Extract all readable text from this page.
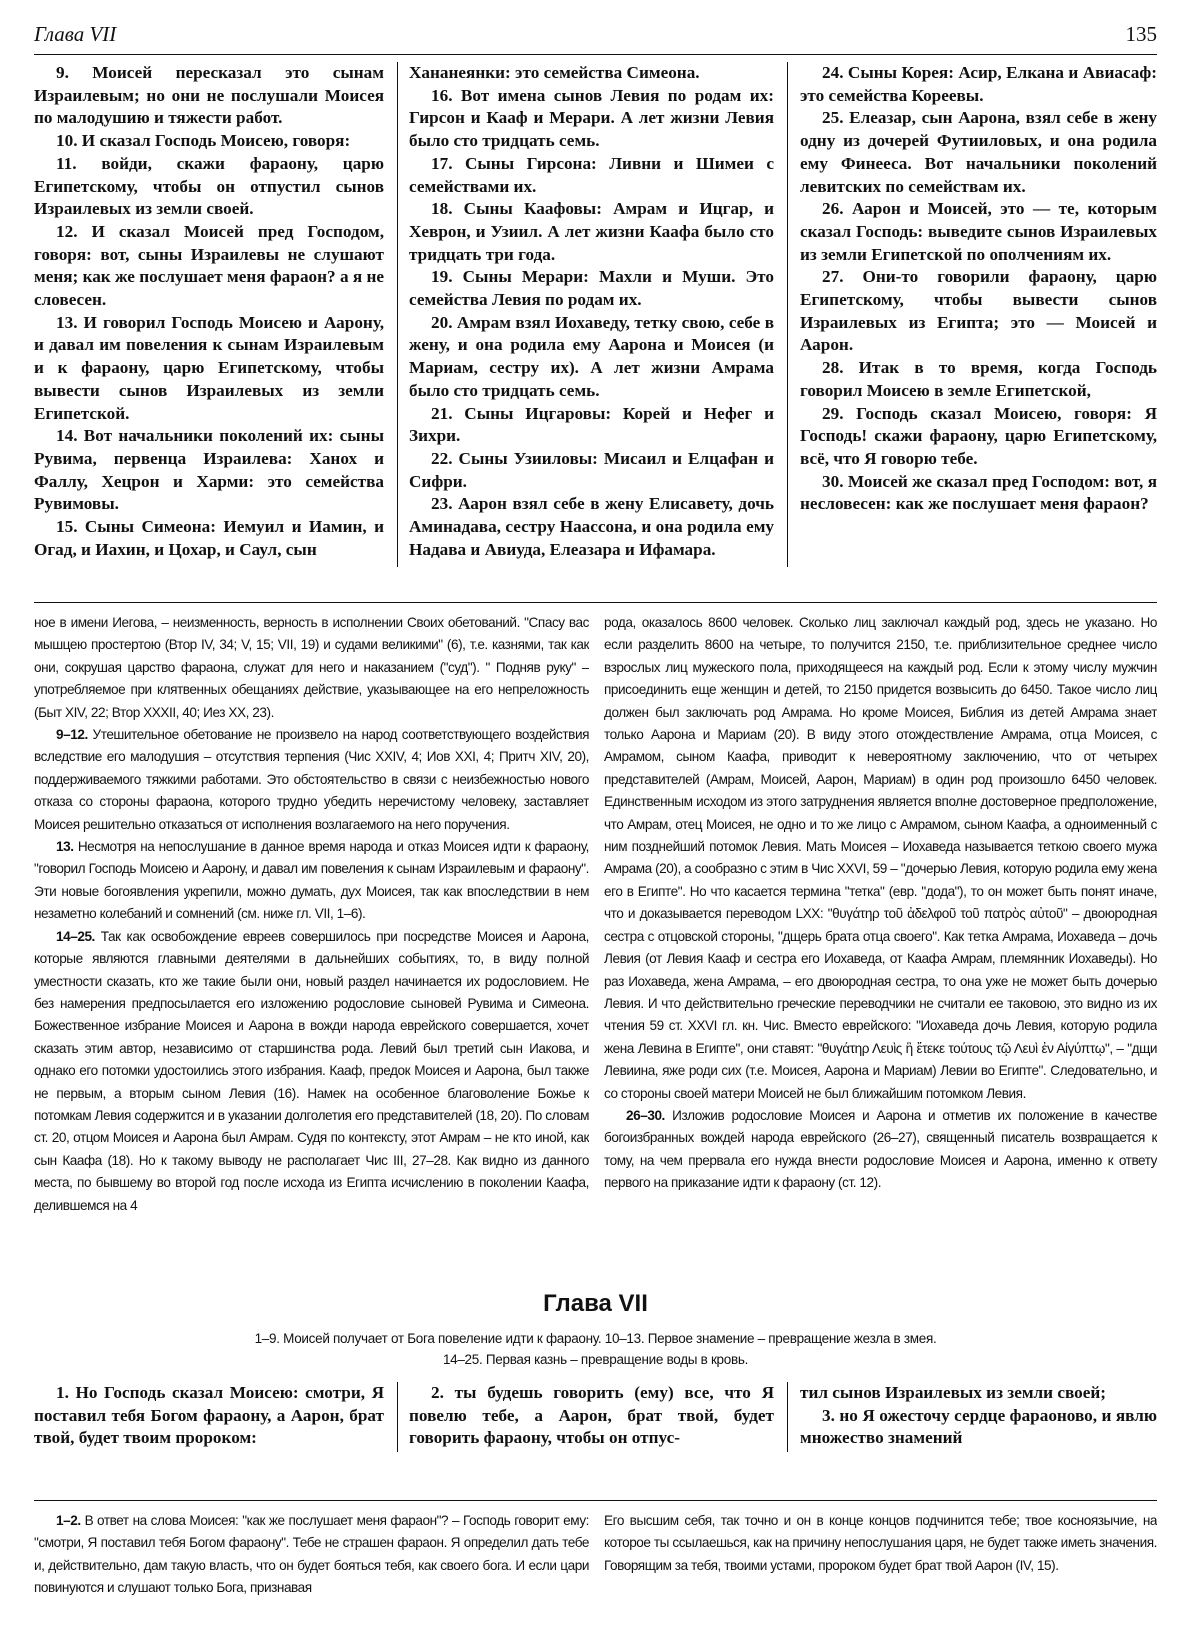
Глава VII	135

9. Моисей пересказал это сынам Израилевым; но они не послушали Моисея по малодушию и тяжести работ.

10. И сказал Господь Моисею, говоря:

11. войди, скажи фараону, царю Египетскому, чтобы он отпустил сынов Израилевых из земли своей.

12. И сказал Моисей пред Господом, говоря: вот, сыны Израилевы не слушают меня; как же послушает меня фараон? а я не словесен.

13. И говорил Господь Моисею и Аарону, и давал им повеления к сынам Израилевым и к фараону, царю Египетскому, чтобы вывести сынов Израилевых из земли Египетской.

14. Вот начальники поколений их: сыны Рувима, первенца Израилева: Ханох и Фаллу, Хецрон и Харми: это семейства Рувимовы.

15. Сыны Симеона: Иемуил и Иамин, и Огад, и Иахин, и Цохар, и Саул, сын

Хананеянки: это семейства Симеона.

16. Вот имена сынов Левия по родам их: Гирсон и Кааф и Мерари. А лет жизни Левия было сто тридцать семь.

17. Сыны Гирсона: Ливни и Шимеи с семействами их.

18. Сыны Каафовы: Амрам и Ицгар, и Хеврон, и Узиил. А лет жизни Каафа было сто тридцать три года.

19. Сыны Мерари: Махли и Муши. Это семейства Левия по родам их.

20. Амрам взял Иохаведу, тетку свою, себе в жену, и она родила ему Аарона и Моисея (и Мариам, сестру их). А лет жизни Амрама было сто тридцать семь.

21. Сыны Ицгаровы: Корей и Нефег и Зихри.

22. Сыны Узииловы: Мисаил и Елцафан и Сифри.

23. Аарон взял себе в жену Елисавету, дочь Аминадава, сестру Наассона, и она родила ему Надава и Авиуда, Елеазара и Ифамара.

24. Сыны Корея: Асир, Елкана и Авиасаф: это семейства Кореевы.

25. Елеазар, сын Аарона, взял себе в жену одну из дочерей Футииловых, и она родила ему Финееса. Вот начальники поколений левитских по семействам их.

26. Аарон и Моисей, это — те, которым сказал Господь: выведите сынов Израилевых из земли Египетской по ополчениям их.

27. Они-то говорили фараону, царю Египетскому, чтобы вывести сынов Израилевых из Египта; это — Моисей и Аарон.

28. Итак в то время, когда Господь говорил Моисею в земле Египетской,

29. Господь сказал Моисею, говоря: Я Господь! скажи фараону, царю Египетскому, всё, что Я говорю тебе.

30. Моисей же сказал пред Господом: вот, я несловесен: как же послушает меня фараон?

ное в имени Иегова, – неизменность, верность в исполнении Своих обетований. "Спасу вас мышцею простертою (Втор IV, 34; V, 15; VII, 19) и судами великими" (6), т.е. казнями, так как они, сокрушая царство фараона, служат для него и наказанием ("суд"). " Подняв руку" – употребляемое при клятвенных обещаниях действие, указывающее на его непреложность (Быт XIV, 22; Втор XXXII, 40; Иез XX, 23).

9–12. Утешительное обетование не произвело на народ соответствующего воздействия вследствие его малодушия – отсутствия терпения (Чис XXIV, 4; Иов XXI, 4; Притч XIV, 20), поддерживаемого тяжкими работами. Это обстоятельство в связи с неизбежностью нового отказа со стороны фараона, которого трудно убедить неречистому человеку, заставляет Моисея решительно отказаться от исполнения возлагаемого на него поручения.

13. Несмотря на непослушание в данное время народа и отказ Моисея идти к фараону, "говорил Господь Моисею и Аарону, и давал им повеления к сынам Израилевым и фараону". Эти новые богоявления укрепили, можно думать, дух Моисея, так как впоследствии в нем незаметно колебаний и сомнений (см. ниже гл. VII, 1–6).

14–25. Так как освобождение евреев совершилось при посредстве Моисея и Аарона, которые являются главными деятелями в дальнейших событиях, то, в виду полной уместности сказать, кто же такие были они, новый раздел начинается их родословием. Не без намерения предпосылается его изложению родословие сыновей Рувима и Симеона. Божественное избрание Моисея и Аарона в вожди народа еврейского совершается, хочет сказать этим автор, независимо от старшинства рода. Левий был третий сын Иакова, и однако его потомки удостоились этого избрания. Кааф, предок Моисея и Аарона, был также не первым, а вторым сыном Левия (16). Намек на особенное благоволение Божье к потомкам Левия содержится и в указании долголетия его представителей (18, 20). По словам ст. 20, отцом Моисея и Аарона был Амрам. Судя по контексту, этот Амрам – не кто иной, как сын Каафа (18). Но к такому выводу не располагает Чис III, 27–28. Как видно из данного места, по бывшему во второй год после исхода из Египта исчислению в поколении Каафа, делившемся на 4

рода, оказалось 8600 человек. Сколько лиц заключал каждый род, здесь не указано. Но если разделить 8600 на четыре, то получится 2150, т.е. приблизительное среднее число взрослых лиц мужеского пола, приходящееся на каждый род. Если к этому числу мужчин присоединить еще женщин и детей, то 2150 придется возвысить до 6450. Такое число лиц должен был заключать род Амрама. Но кроме Моисея, Библия из детей Амрама знает только Аарона и Мариам (20). В виду этого отождествление Амрама, отца Моисея, с Амрамом, сыном Каафа, приводит к невероятному заключению, что от четырех представителей (Амрам, Моисей, Аарон, Мариам) в один род произошло 6450 человек. Единственным исходом из этого затруднения является вполне достоверное предположение, что Амрам, отец Моисея, не одно и то же лицо с Амрамом, сыном Каафа, а одноименный с ним позднейший потомок Левия. Мать Моисея – Иохаведа называется теткою своего мужа Амрама (20), а сообразно с этим в Чис XXVI, 59 – "дочерью Левия, которую родила ему жена его в Египте". Но что касается термина "тетка" (евр. "дода"), то он может быть понят иначе, что и доказывается переводом LXX: "θυγάτηρ τοῦ ἀδελφοῦ τοῦ πατρὸς αὐτοῦ" – двоюродная сестра с отцовской стороны, "дщерь брата отца своего". Как тетка Амрама, Иохаведа – дочь Левия (от Левия Кааф и сестра его Иохаведа, от Каафа Амрам, племянник Иохаведы). Но раз Иохаведа, жена Амрама, – его двоюродная сестра, то она уже не может быть дочерью Левия. И что действительно греческие переводчики не считали ее таковою, это видно из их чтения 59 ст. XXVI гл. кн. Чис. Вместо еврейского: "Иохаведа дочь Левия, которую родила жена Левина в Египте", они ставят: "θυγάτηρ Λευὶς ἣ ἔτεκε τούτους τῷ Λευὶ ἐν Αἰγύπτῳ", – "дщи Левиина, яже роди сих (т.е. Моисея, Аарона и Мариам) Левии во Египте". Следовательно, и со стороны своей матери Моисей не был ближайшим потомком Левия.

26–30. Изложив родословие Моисея и Аарона и отметив их положение в качестве богоизбранных вождей народа еврейского (26–27), священный писатель возвращается к тому, на чем прервала его нужда внести родословие Моисея и Аарона, именно к ответу первого на приказание идти к фараону (ст. 12).

Глава VII
1–9. Моисей получает от Бога повеление идти к фараону. 10–13. Первое знамение – превращение жезла в змея.
14–25. Первая казнь – превращение воды в кровь.

1. Но Господь сказал Моисею: смотри, Я поставил тебя Богом фараону, а Аарон, брат твой, будет твоим пророком:

2. ты будешь говорить (ему) все, что Я повелю тебе, а Аарон, брат твой, будет говорить фараону, чтобы он отпус-

тил сынов Израилевых из земли своей;

3. но Я ожесточу сердце фараоново, и явлю множество знамений

1–2. В ответ на слова Моисея: "как же послушает меня фараон"? – Господь говорит ему: "смотри, Я поставил тебя Богом фараону". Тебе не страшен фараон. Я определил дать тебе и, действительно, дам такую власть, что он будет бояться тебя, как своего бога. И если цари повинуются и слушают только Бога, признавая

Его высшим себя, так точно и он в конце концов подчинится тебе; твое косноязычие, на которое ты ссылаешься, как на причину непослушания царя, не будет также иметь значения. Говорящим за тебя, твоими устами, пророком будет брат твой Аарон (IV, 15).
